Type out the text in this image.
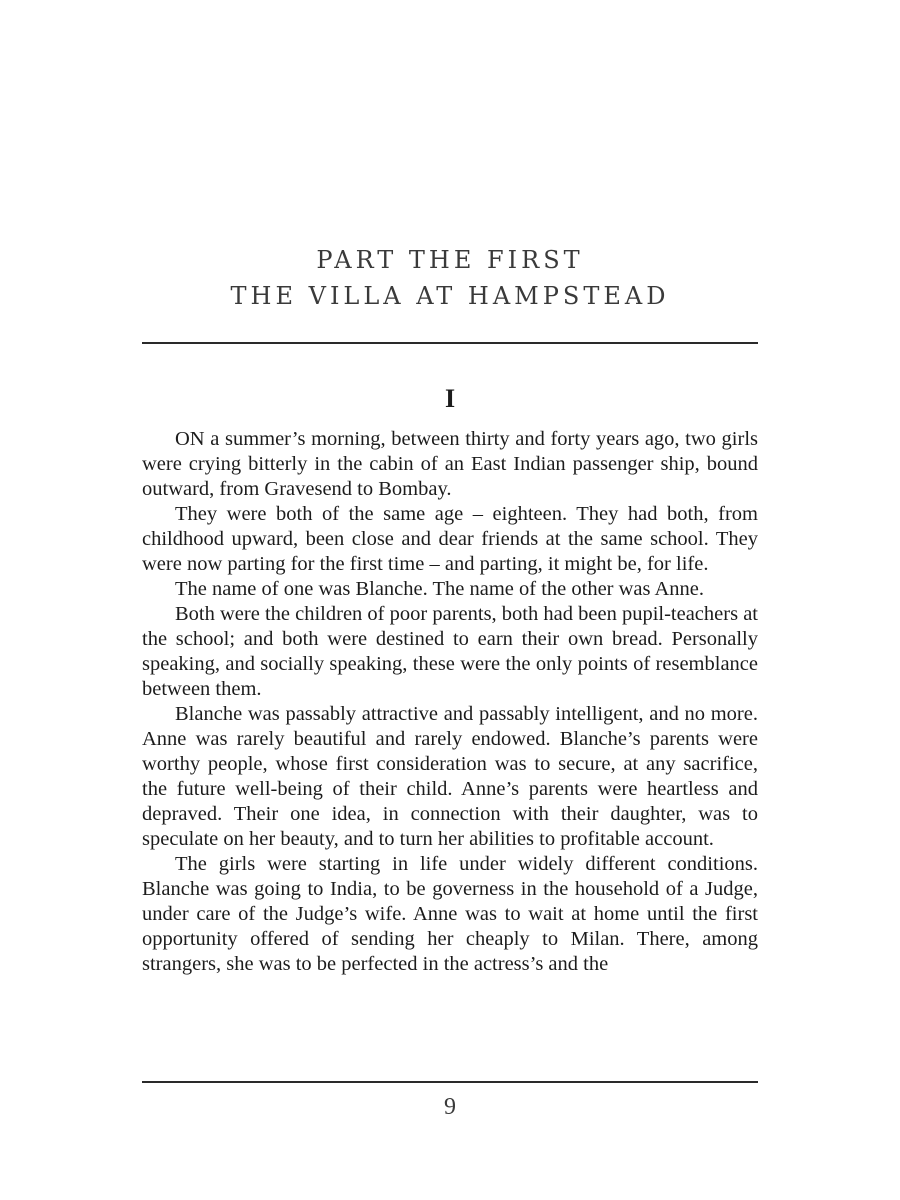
PART THE FIRST
THE VILLA AT HAMPSTEAD
I

ON a summer’s morning, between thirty and forty years ago, two girls were crying bitterly in the cabin of an East Indian passenger ship, bound outward, from Gravesend to Bombay.

They were both of the same age – eighteen. They had both, from childhood upward, been close and dear friends at the same school. They were now parting for the first time – and parting, it might be, for life.

The name of one was Blanche. The name of the other was Anne.

Both were the children of poor parents, both had been pupil-teachers at the school; and both were destined to earn their own bread. Personally speaking, and socially speaking, these were the only points of resemblance between them.

Blanche was passably attractive and passably intelligent, and no more. Anne was rarely beautiful and rarely endowed. Blanche’s parents were worthy people, whose first consideration was to secure, at any sacrifice, the future well-being of their child. Anne’s parents were heartless and depraved. Their one idea, in connection with their daughter, was to speculate on her beauty, and to turn her abilities to profitable account.

The girls were starting in life under widely different conditions. Blanche was going to India, to be governess in the household of a Judge, under care of the Judge’s wife. Anne was to wait at home until the first opportunity offered of sending her cheaply to Milan. There, among strangers, she was to be perfected in the actress’s and the

9
